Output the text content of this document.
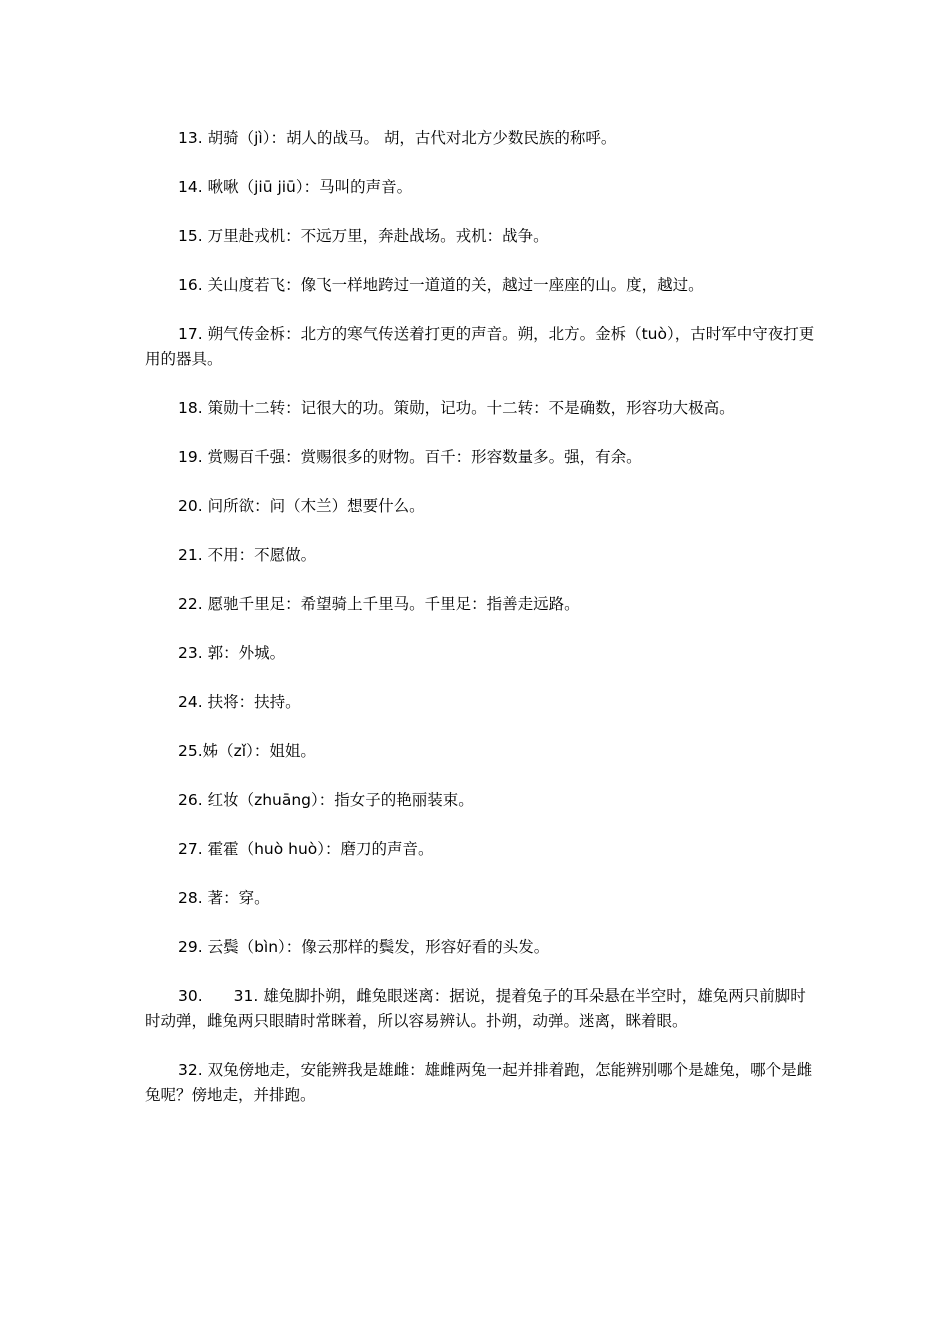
13. 胡骑（jì）：胡人的战马。 胡，古代对北方少数民族的称呼。

14. 啾啾（jiū jiū）：马叫的声音。

15. 万里赴戎机：不远万里，奔赴战场。戎机：战争。

16. 关山度若飞：像飞一样地跨过一道道的关，越过一座座的山。度，越过。

17. 朔气传金柝：北方的寒气传送着打更的声音。朔，北方。金柝（tuò），古时军中守夜打更用的器具。

18. 策勋十二转：记很大的功。策勋，记功。十二转：不是确数，形容功大极高。

19. 赏赐百千强：赏赐很多的财物。百千：形容数量多。强，有余。

20. 问所欲：问（木兰）想要什么。

21. 不用：不愿做。

22. 愿驰千里足：希望骑上千里马。千里足：指善走远路。

23. 郭：外城。

24. 扶将：扶持。

25.姊（zǐ）：姐姐。

26. 红妆（zhuāng）：指女子的艳丽装束。

27. 霍霍（huò huò）：磨刀的声音。

28. 著：穿。

29. 云鬓（bìn）：像云那样的鬓发，形容好看的头发。

30.　　31. 雄兔脚扑朔，雌兔眼迷离：据说，提着兔子的耳朵悬在半空时，雄兔两只前脚时时动弹，雌兔两只眼睛时常眯着，所以容易辨认。扑朔，动弹。迷离，眯着眼。

32. 双兔傍地走，安能辨我是雄雌：雄雌两兔一起并排着跑，怎能辨别哪个是雄兔，哪个是雌兔呢？傍地走，并排跑。
